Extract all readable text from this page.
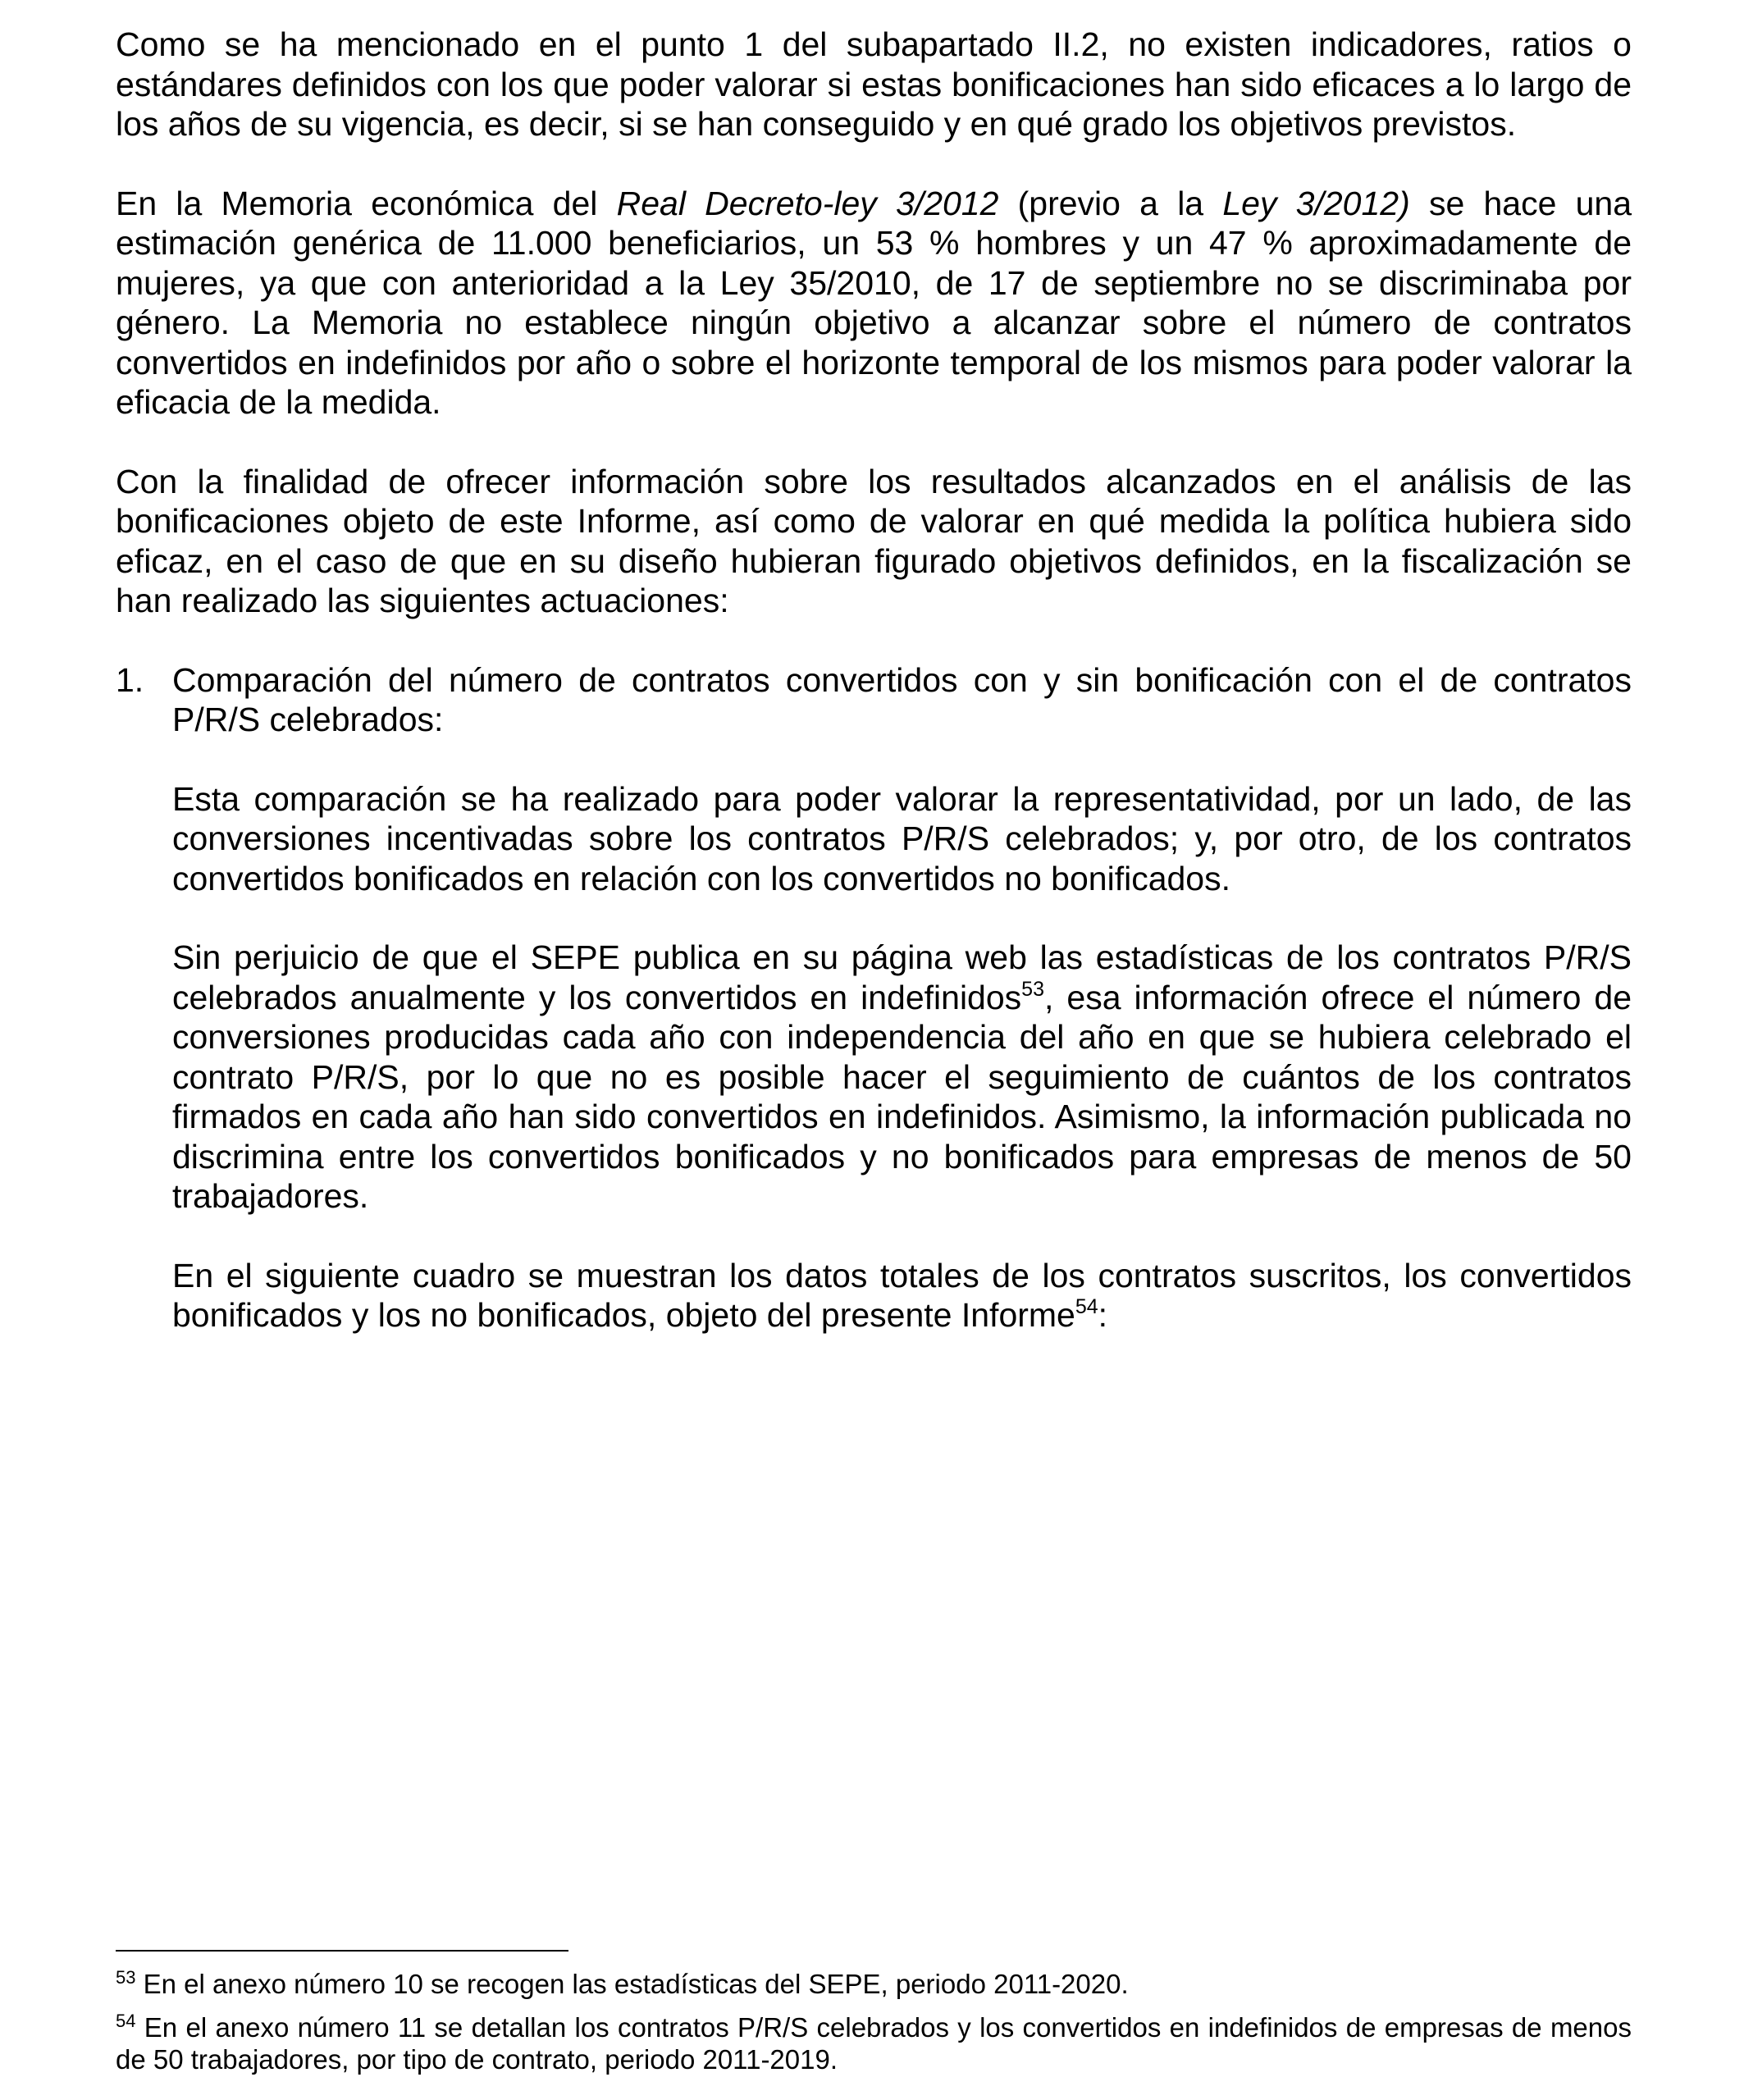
Como se ha mencionado en el punto 1 del subapartado II.2, no existen indicadores, ratios o estándares definidos con los que poder valorar si estas bonificaciones han sido eficaces a lo largo de los años de su vigencia, es decir, si se han conseguido y en qué grado los objetivos previstos.

En la Memoria económica del Real Decreto-ley 3/2012 (previo a la Ley 3/2012) se hace una estimación genérica de 11.000 beneficiarios, un 53 % hombres y un 47 % aproximadamente de mujeres, ya que con anterioridad a la Ley 35/2010, de 17 de septiembre no se discriminaba por género. La Memoria no establece ningún objetivo a alcanzar sobre el número de contratos convertidos en indefinidos por año o sobre el horizonte temporal de los mismos para poder valorar la eficacia de la medida.

Con la finalidad de ofrecer información sobre los resultados alcanzados en el análisis de las bonificaciones objeto de este Informe, así como de valorar en qué medida la política hubiera sido eficaz, en el caso de que en su diseño hubieran figurado objetivos definidos, en la fiscalización se han realizado las siguientes actuaciones:

1. Comparación del número de contratos convertidos con y sin bonificación con el de contratos P/R/S celebrados:

Esta comparación se ha realizado para poder valorar la representatividad, por un lado, de las conversiones incentivadas sobre los contratos P/R/S celebrados; y, por otro, de los contratos convertidos bonificados en relación con los convertidos no bonificados.

Sin perjuicio de que el SEPE publica en su página web las estadísticas de los contratos P/R/S celebrados anualmente y los convertidos en indefinidos$^{53}$, esa información ofrece el número de conversiones producidas cada año con independencia del año en que se hubiera celebrado el contrato P/R/S, por lo que no es posible hacer el seguimiento de cuántos de los contratos firmados en cada año han sido convertidos en indefinidos. Asimismo, la información publicada no discrimina entre los convertidos bonificados y no bonificados para empresas de menos de 50 trabajadores.

En el siguiente cuadro se muestran los datos totales de los contratos suscritos, los convertidos bonificados y los no bonificados, objeto del presente Informe$^{54}$:

$^{53}$ En el anexo número 10 se recogen las estadísticas del SEPE, periodo 2011-2020.

$^{54}$ En el anexo número 11 se detallan los contratos P/R/S celebrados y los convertidos en indefinidos de empresas de menos de 50 trabajadores, por tipo de contrato, periodo 2011-2019.
